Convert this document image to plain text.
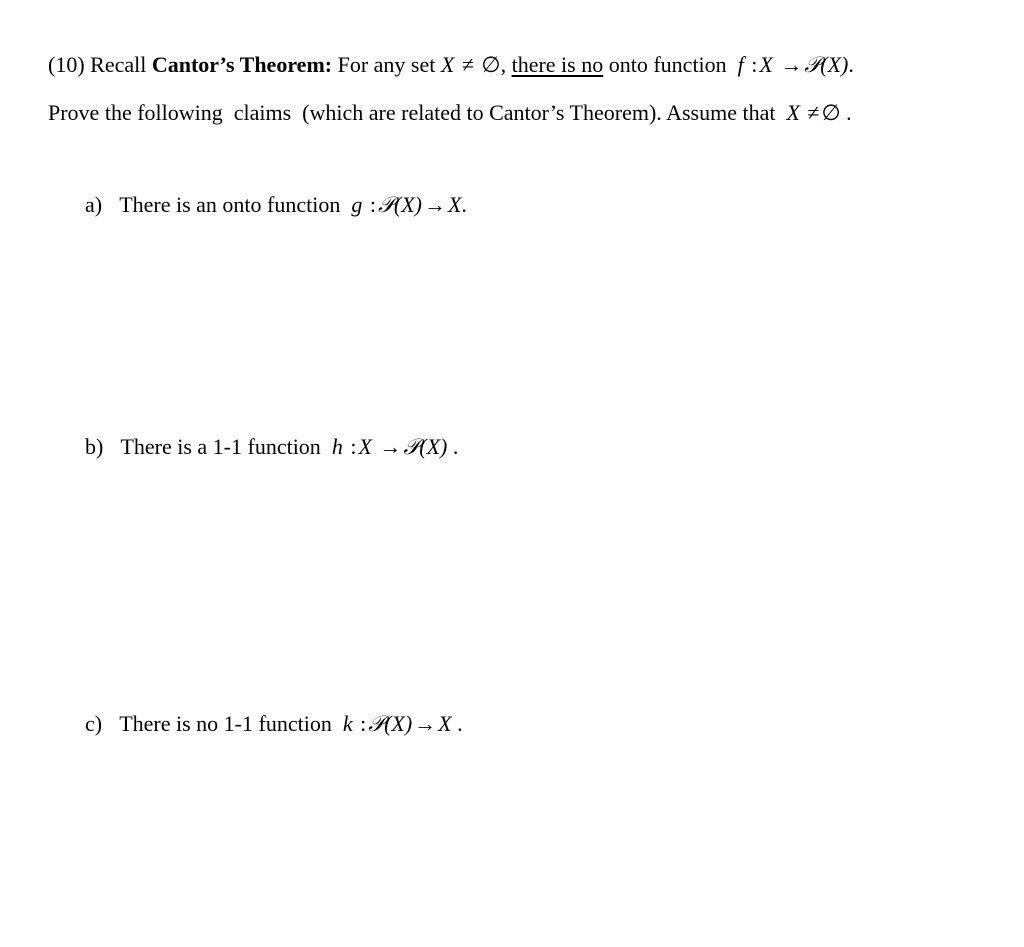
(10) Recall Cantor’s Theorem: For any set X ≠ ∅, there is no onto function f :X →𝒫(X).
Prove the following  claims  (which are related to Cantor’s Theorem). Assume that X ≠∅ .
a) There is an onto function g :𝒫(X)→X.
b) There is a 1-1 function h :X →𝒫(X) .
c) There is no 1-1 function k :𝒫(X)→X .
